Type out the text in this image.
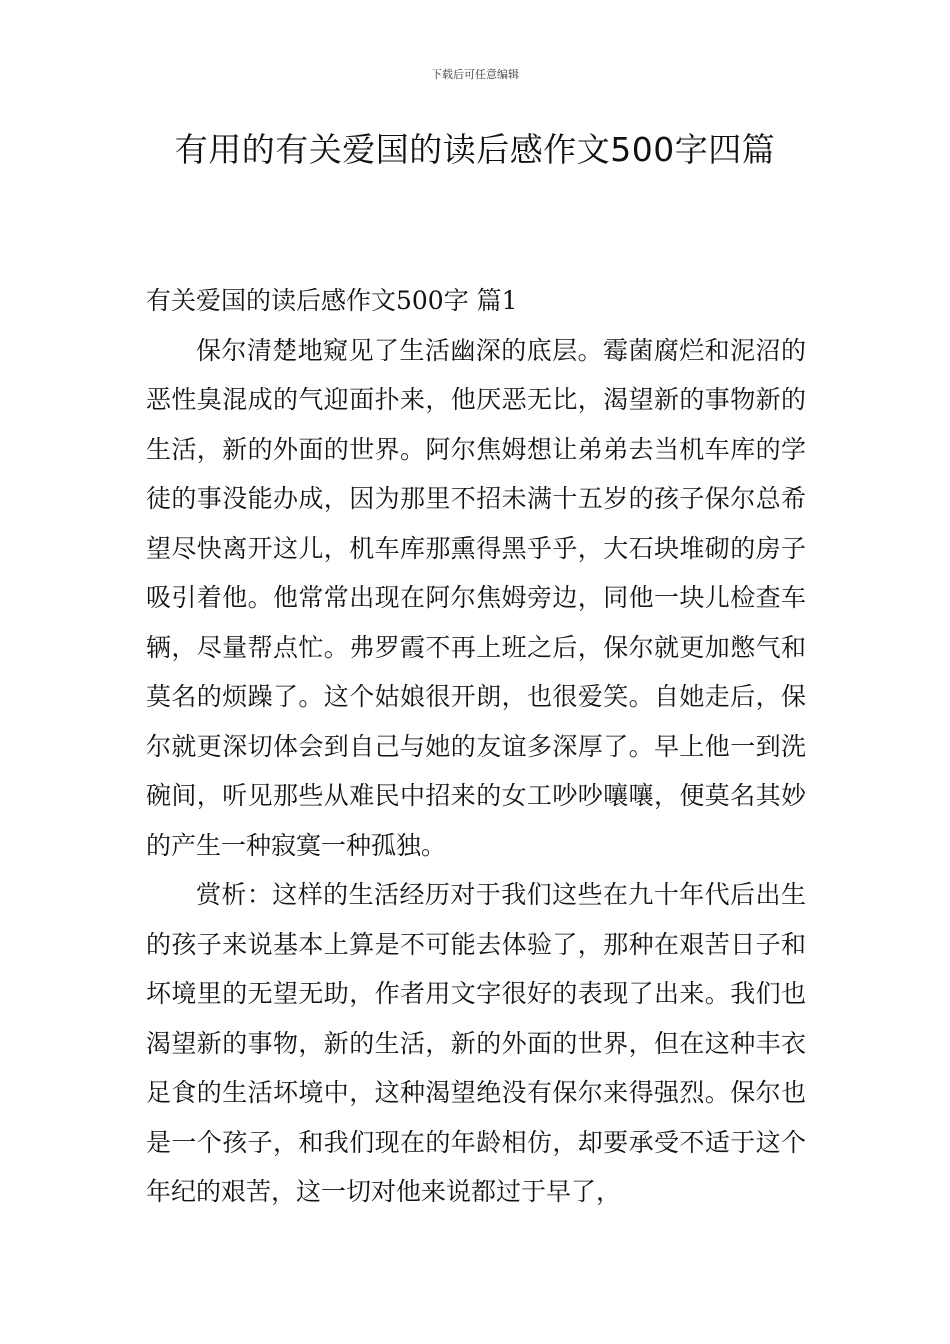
下载后可任意编辑
有用的有关爱国的读后感作文500字四篇

有关爱国的读后感作文500字 篇1

保尔清楚地窥见了生活幽深的底层。霉菌腐烂和泥沼的恶性臭混成的气迎面扑来，他厌恶无比，渴望新的事物新的生活，新的外面的世界。阿尔焦姆想让弟弟去当机车库的学徒的事没能办成，因为那里不招未满十五岁的孩子保尔总希望尽快离开这儿，机车库那熏得黑乎乎，大石块堆砌的房子吸引着他。他常常出现在阿尔焦姆旁边，同他一块儿检查车辆，尽量帮点忙。弗罗霞不再上班之后，保尔就更加憋气和莫名的烦躁了。这个姑娘很开朗，也很爱笑。自她走后，保尔就更深切体会到自己与她的友谊多深厚了。早上他一到洗碗间，听见那些从难民中招来的女工吵吵嚷嚷，便莫名其妙的产生一种寂寞一种孤独。

赏析：这样的生活经历对于我们这些在九十年代后出生的孩子来说基本上算是不可能去体验了，那种在艰苦日子和坏境里的无望无助，作者用文字很好的表现了出来。我们也渴望新的事物，新的生活，新的外面的世界，但在这种丰衣足食的生活坏境中，这种渴望绝没有保尔来得强烈。保尔也是一个孩子，和我们现在的年龄相仿，却要承受不适于这个年纪的艰苦，这一切对他来说都过于早了，
